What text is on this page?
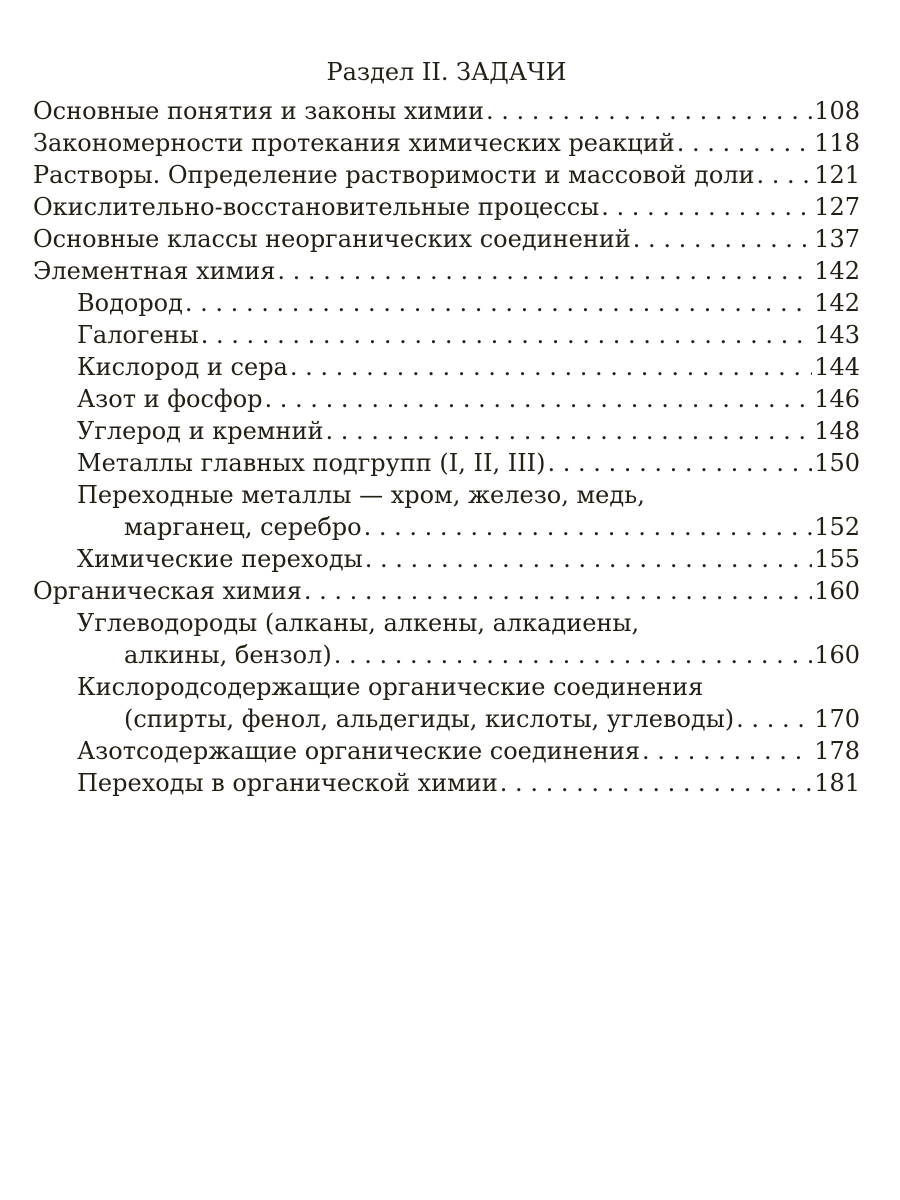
Раздел II. ЗАДАЧИ
Основные понятия и законы химии . . .	108
Закономерности протекания химических реакций . . .	118
Растворы. Определение растворимости и массовой доли . . . 121
Окислительно-восстановительные процессы . . .	127
Основные классы неорганических соединений . . .	137
Элементная химия . . .	142
Водород . . .	142
Галогены . . .	143
Кислород и сера . . .	144
Азот и фосфор . . .	146
Углерод и кремний . . .	148
Металлы главных подгрупп (I, II, III) . . .	150
Переходные металлы — хром, железо, медь,
марганец, серебро . . .	152
Химические переходы . . .	155
Органическая химия . . .	160
Углеводороды (алканы, алкены, алкадиены,
алкины, бензол) . . .	160
Кислородсодержащие органические соединения
(спирты, фенол, альдегиды, кислоты, углеводы) . . .	170
Азотсодержащие органические соединения . . .	178
Переходы в органической химии . . .	181
